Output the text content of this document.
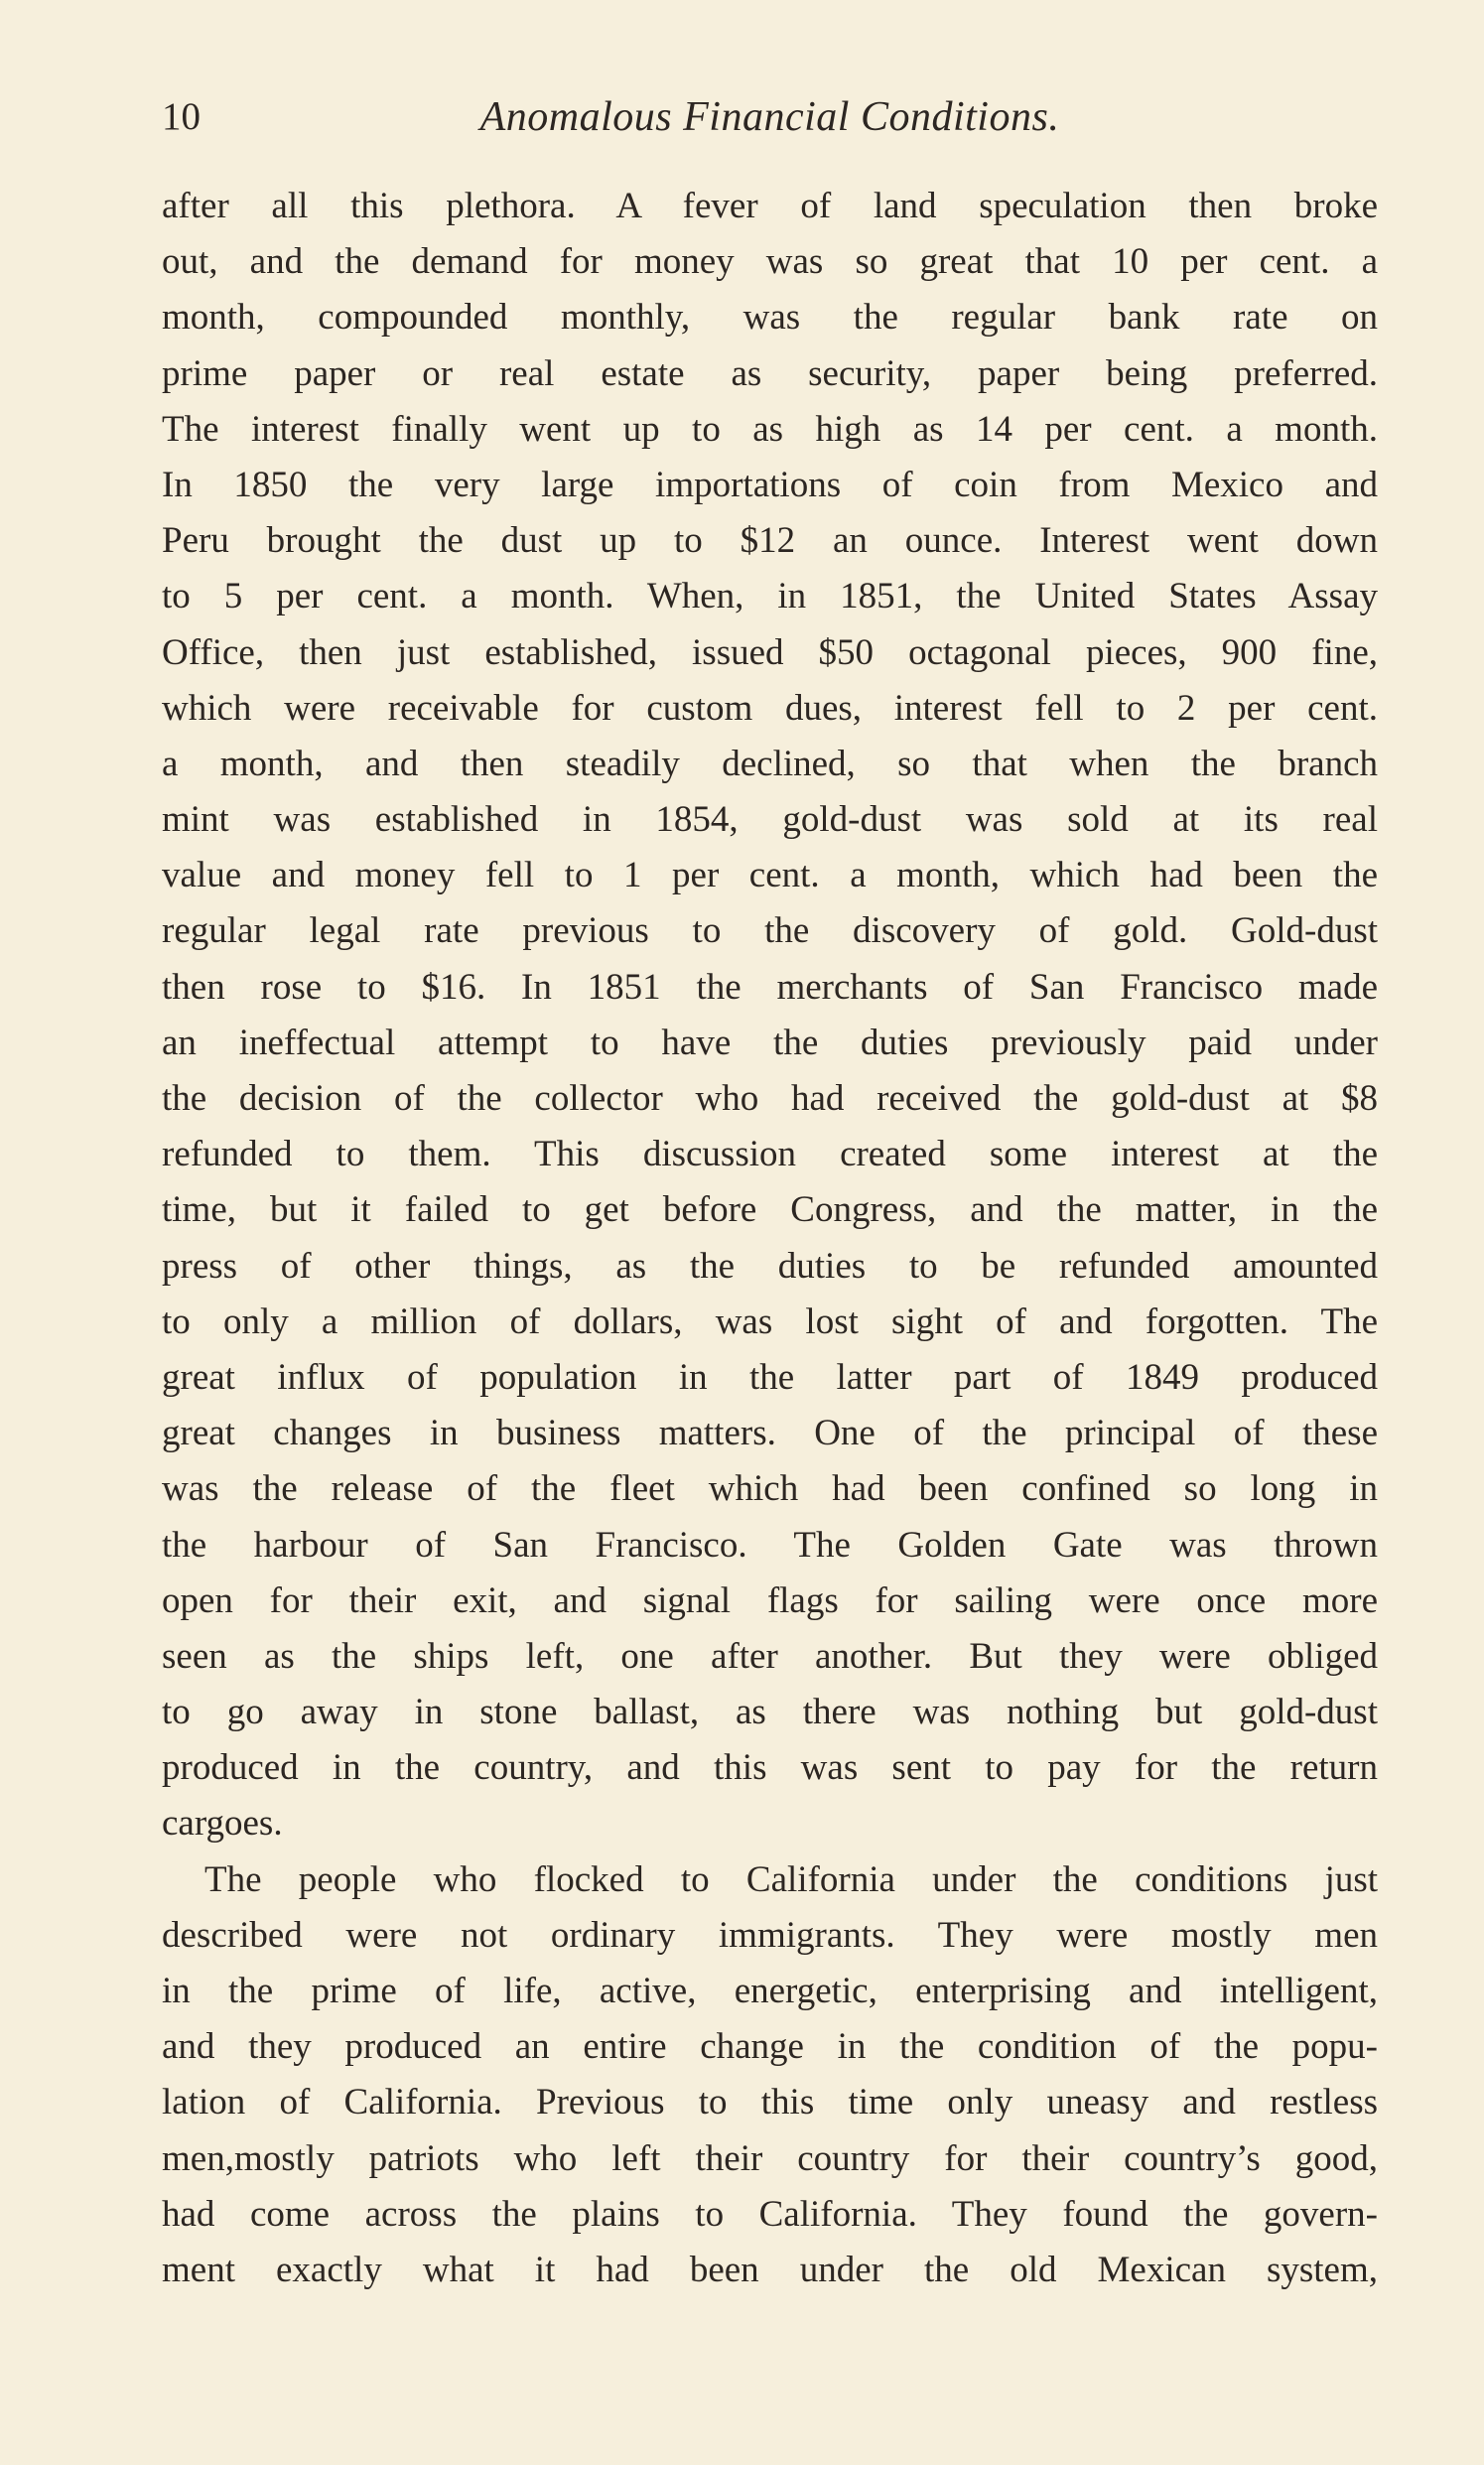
10	Anomalous Financial Conditions.
after all this plethora. A fever of land speculation then broke
out, and the demand for money was so great that 10 per cent. a
month, compounded monthly, was the regular bank rate on
prime paper or real estate as security, paper being preferred.
The interest finally went up to as high as 14 per cent. a month.
In 1850 the very large importations of coin from Mexico and
Peru brought the dust up to $12 an ounce. Interest went down
to 5 per cent. a month. When, in 1851, the United States Assay
Office, then just established, issued $50 octagonal pieces, 900 fine,
which were receivable for custom dues, interest fell to 2 per cent.
a month, and then steadily declined, so that when the branch
mint was established in 1854, gold-dust was sold at its real
value and money fell to 1 per cent. a month, which had been the
regular legal rate previous to the discovery of gold. Gold-dust
then rose to $16. In 1851 the merchants of San Francisco made
an ineffectual attempt to have the duties previously paid under
the decision of the collector who had received the gold-dust at $8
refunded to them. This discussion created some interest at the
time, but it failed to get before Congress, and the matter, in the
press of other things, as the duties to be refunded amounted
to only a million of dollars, was lost sight of and forgotten. The
great influx of population in the latter part of 1849 produced
great changes in business matters. One of the principal of these
was the release of the fleet which had been confined so long in
the harbour of San Francisco. The Golden Gate was thrown
open for their exit, and signal flags for sailing were once more
seen as the ships left, one after another. But they were obliged
to go away in stone ballast, as there was nothing but gold-dust
produced in the country, and this was sent to pay for the return
cargoes.
The people who flocked to California under the conditions just
described were not ordinary immigrants. They were mostly men
in the prime of life, active, energetic, enterprising and intelligent,
and they produced an entire change in the condition of the popu-
lation of California. Previous to this time only uneasy and restless
men,mostly patriots who left their country for their country’s good,
had come across the plains to California. They found the govern-
ment exactly what it had been under the old Mexican system,
